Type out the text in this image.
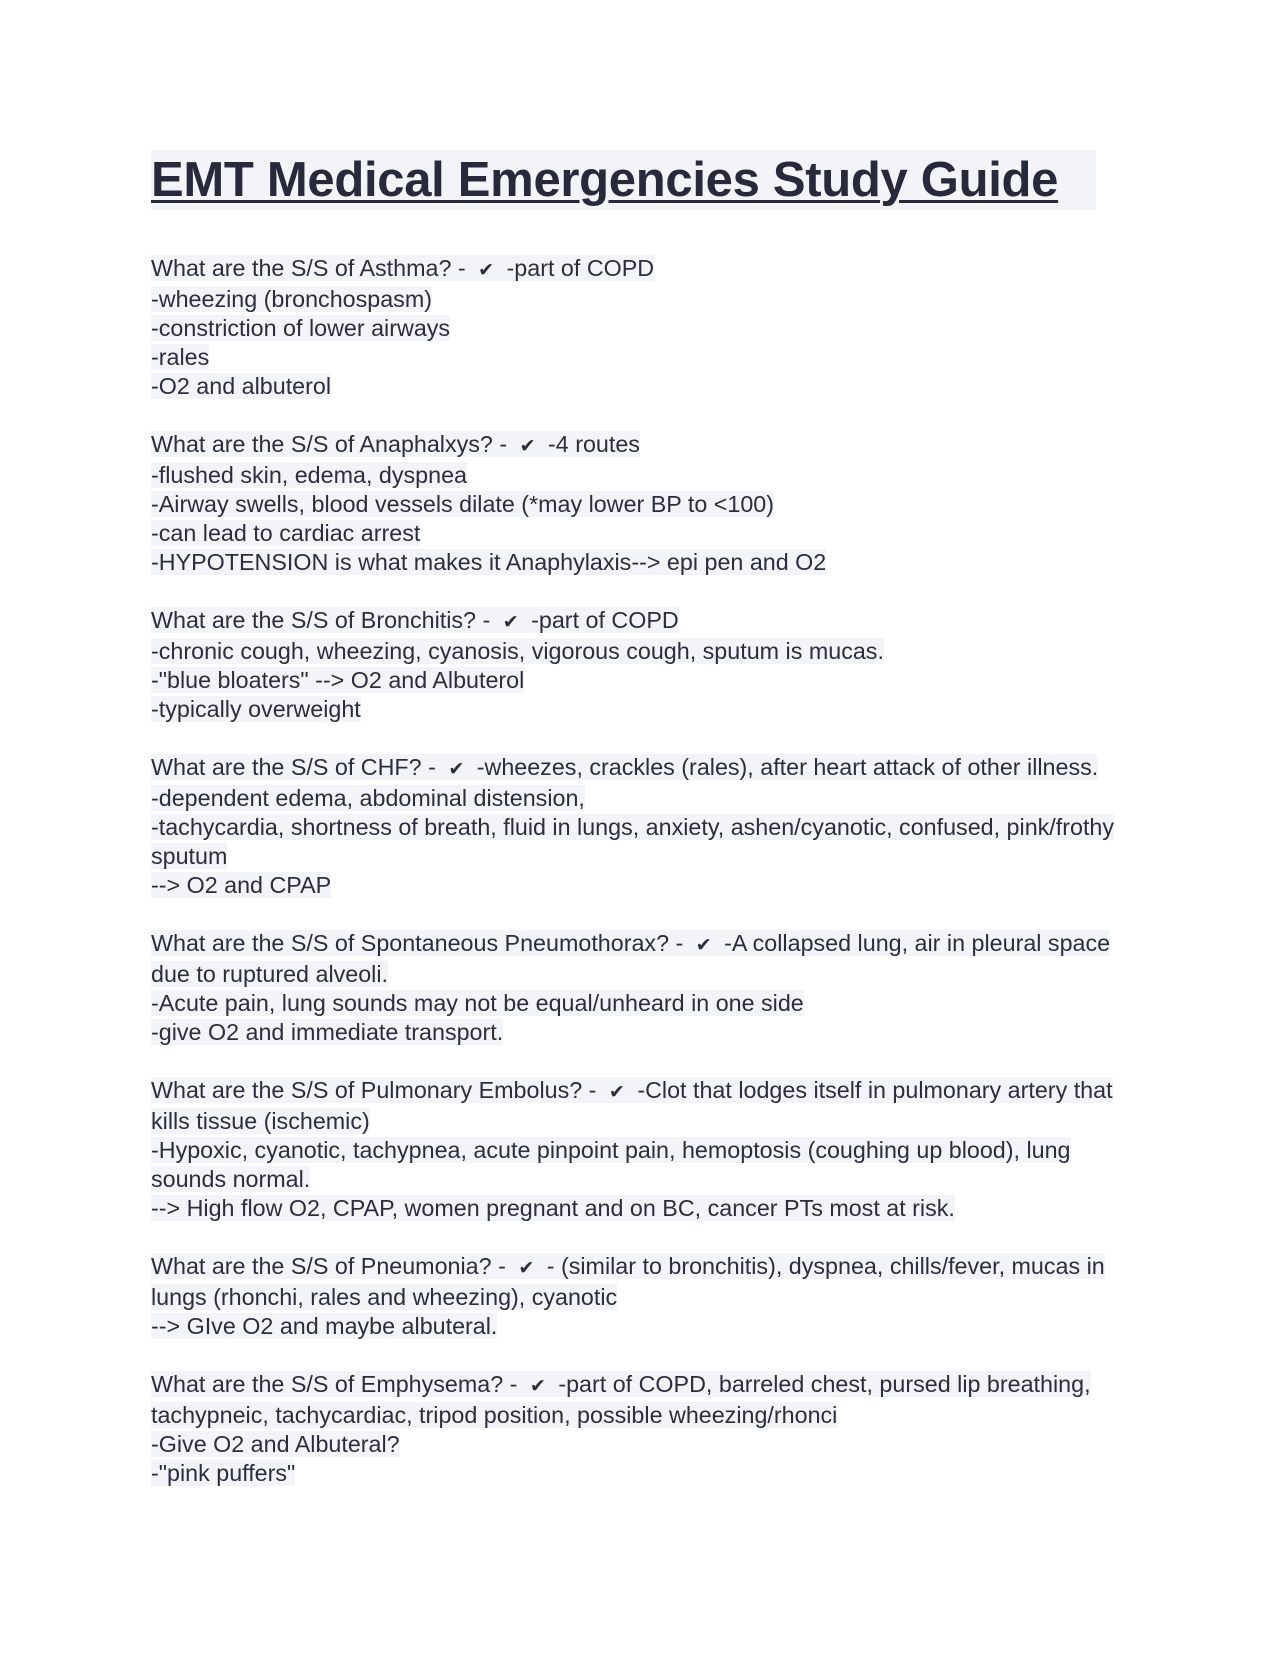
EMT Medical Emergencies Study Guide
What are the S/S of Asthma? - ✔ -part of COPD
-wheezing (bronchospasm)
-constriction of lower airways
-rales
-O2 and albuterol
What are the S/S of Anaphalxys? - ✔ -4 routes
-flushed skin, edema, dyspnea
-Airway swells, blood vessels dilate (*may lower BP to <100)
-can lead to cardiac arrest
-HYPOTENSION is what makes it Anaphylaxis--> epi pen and O2
What are the S/S of Bronchitis? - ✔ -part of COPD
-chronic cough, wheezing, cyanosis, vigorous cough, sputum is mucas.
-"blue bloaters" --> O2 and Albuterol
-typically overweight
What are the S/S of CHF? - ✔ -wheezes, crackles (rales), after heart attack of other illness.
-dependent edema, abdominal distension,
-tachycardia, shortness of breath, fluid in lungs, anxiety, ashen/cyanotic, confused, pink/frothy sputum
--> O2 and CPAP
What are the S/S of Spontaneous Pneumothorax? - ✔ -A collapsed lung, air in pleural space due to ruptured alveoli.
-Acute pain, lung sounds may not be equal/unheard in one side
-give O2 and immediate transport.
What are the S/S of Pulmonary Embolus? - ✔ -Clot that lodges itself in pulmonary artery that kills tissue (ischemic)
-Hypoxic, cyanotic, tachypnea, acute pinpoint pain, hemoptosis (coughing up blood), lung sounds normal.
--> High flow O2, CPAP, women pregnant and on BC, cancer PTs most at risk.
What are the S/S of Pneumonia? - ✔ - (similar to bronchitis), dyspnea, chills/fever, mucas in lungs (rhonchi, rales and wheezing), cyanotic
--> GIve O2 and maybe albuteral.
What are the S/S of Emphysema? - ✔ -part of COPD, barreled chest, pursed lip breathing, tachypneic, tachycardiac, tripod position, possible wheezing/rhonci
-Give O2 and Albuteral?
-"pink puffers"
